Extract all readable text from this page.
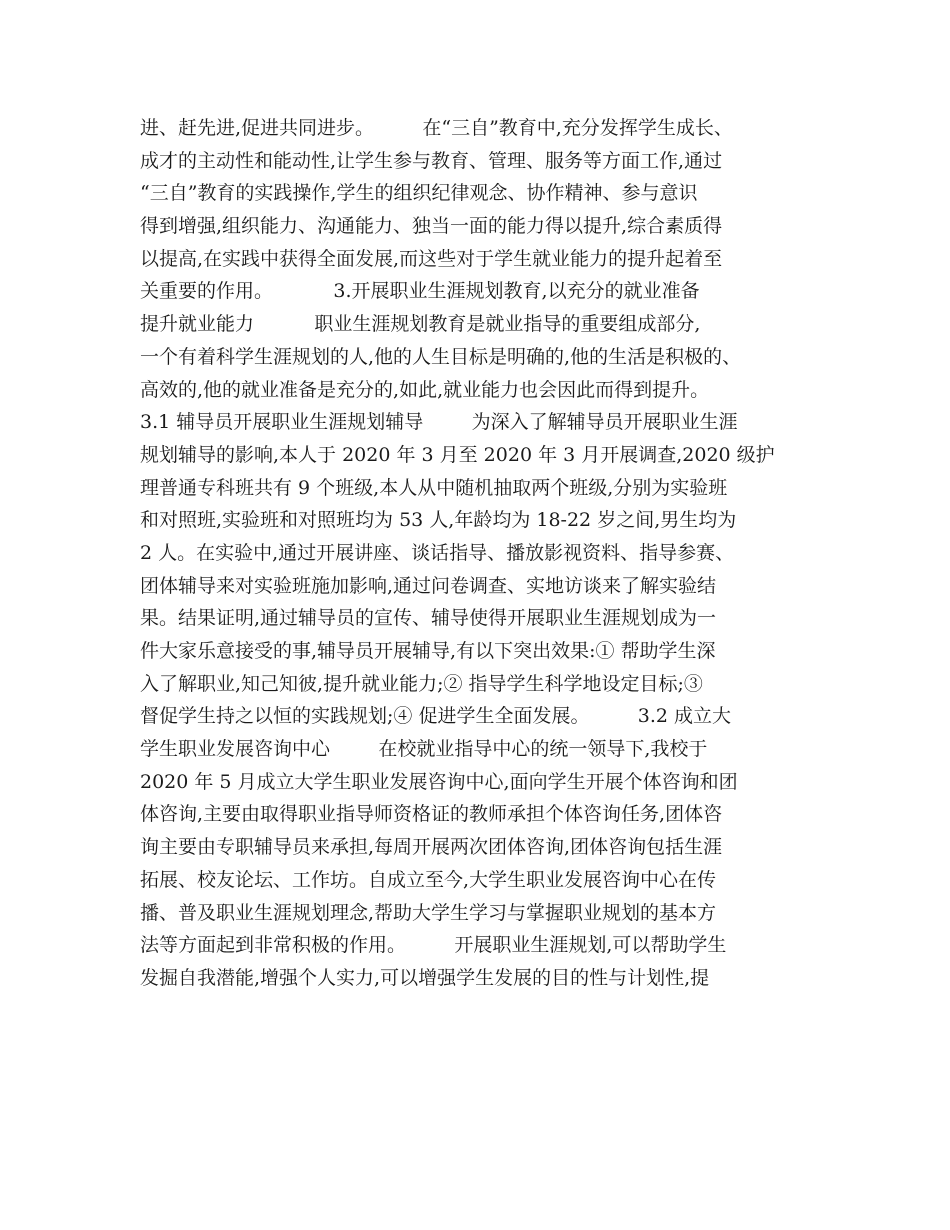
进、赶先进,促进共同进步。        在“三自”教育中,充分发挥学生成长、
成才的主动性和能动性,让学生参与教育、管理、服务等方面工作,通过
“三自”教育的实践操作,学生的组织纪律观念、协作精神、参与意识
得到增强,组织能力、沟通能力、独当一面的能力得以提升,综合素质得
以提高,在实践中获得全面发展,而这些对于学生就业能力的提升起着至
关重要的作用。          3.开展职业生涯规划教育,以充分的就业准备
提升就业能力          职业生涯规划教育是就业指导的重要组成部分,
一个有着科学生涯规划的人,他的人生目标是明确的,他的生活是积极的、
高效的,他的就业准备是充分的,如此,就业能力也会因此而得到提升。
3.1 辅导员开展职业生涯规划辅导        为深入了解辅导员开展职业生涯
规划辅导的影响,本人于 2020 年 3 月至 2020 年 3 月开展调查,2020 级护
理普通专科班共有 9 个班级,本人从中随机抽取两个班级,分别为实验班
和对照班,实验班和对照班均为 53 人,年龄均为 18-22 岁之间,男生均为
2 人。在实验中,通过开展讲座、谈话指导、播放影视资料、指导参赛、
团体辅导来对实验班施加影响,通过问卷调查、实地访谈来了解实验结
果。结果证明,通过辅导员的宣传、辅导使得开展职业生涯规划成为一
件大家乐意接受的事,辅导员开展辅导,有以下突出效果:① 帮助学生深
入了解职业,知己知彼,提升就业能力;② 指导学生科学地设定目标;③
督促学生持之以恒的实践规划;④ 促进学生全面发展。        3.2 成立大
学生职业发展咨询中心        在校就业指导中心的统一领导下,我校于
2020 年 5 月成立大学生职业发展咨询中心,面向学生开展个体咨询和团
体咨询,主要由取得职业指导师资格证的教师承担个体咨询任务,团体咨
询主要由专职辅导员来承担,每周开展两次团体咨询,团体咨询包括生涯
拓展、校友论坛、工作坊。自成立至今,大学生职业发展咨询中心在传
播、普及职业生涯规划理念,帮助大学生学习与掌握职业规划的基本方
法等方面起到非常积极的作用。        开展职业生涯规划,可以帮助学生
发掘自我潜能,增强个人实力,可以增强学生发展的目的性与计划性,提
